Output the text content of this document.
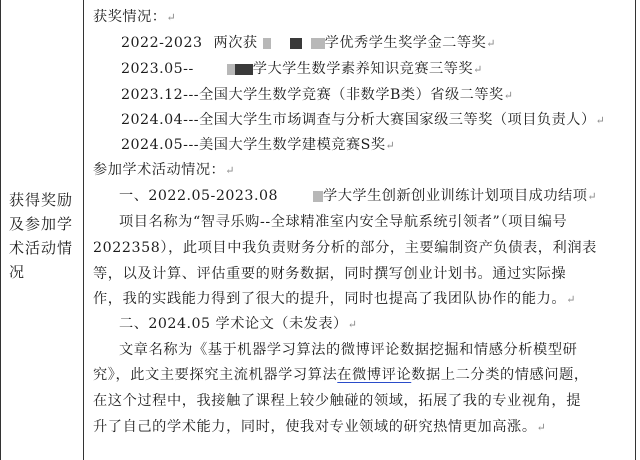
获得奖励及参加学术活动情况
获奖情况：↵
2022-2023 两次获	学优秀学生奖学金二等奖↵
2023.05--	学大学生数学素养知识竞赛三等奖↵
2023.12---全国大学生数学竞赛（非数学B类）省级二等奖↵
2024.04---全国大学生市场调查与分析大赛国家级三等奖（项目负责人）↵
2024.05---美国大学生数学建模竞赛S奖↵
参加学术活动情况：↵
一、2022.05-2023.08	学大学生创新创业训练计划项目成功结项↵
项目名称为“智寻乐购--全球精准室内安全导航系统引领者”（项目编号
2022358），此项目中我负责财务分析的部分，主要编制资产负债表，利润表
等，以及计算、评估重要的财务数据，同时撰写创业计划书。通过实际操
作，我的实践能力得到了很大的提升，同时也提高了我团队协作的能力。↵
二、2024.05 学术论文（未发表）↵
文章名称为《基于机器学习算法的微博评论数据挖掘和情感分析模型研
究》，此文主要探究主流机器学习算法在微博评论数据上二分类的情感问题，
在这个过程中，我接触了课程上较少触碰的领域，拓展了我的专业视角，提
升了自己的学术能力，同时，使我对专业领域的研究热情更加高涨。↵
